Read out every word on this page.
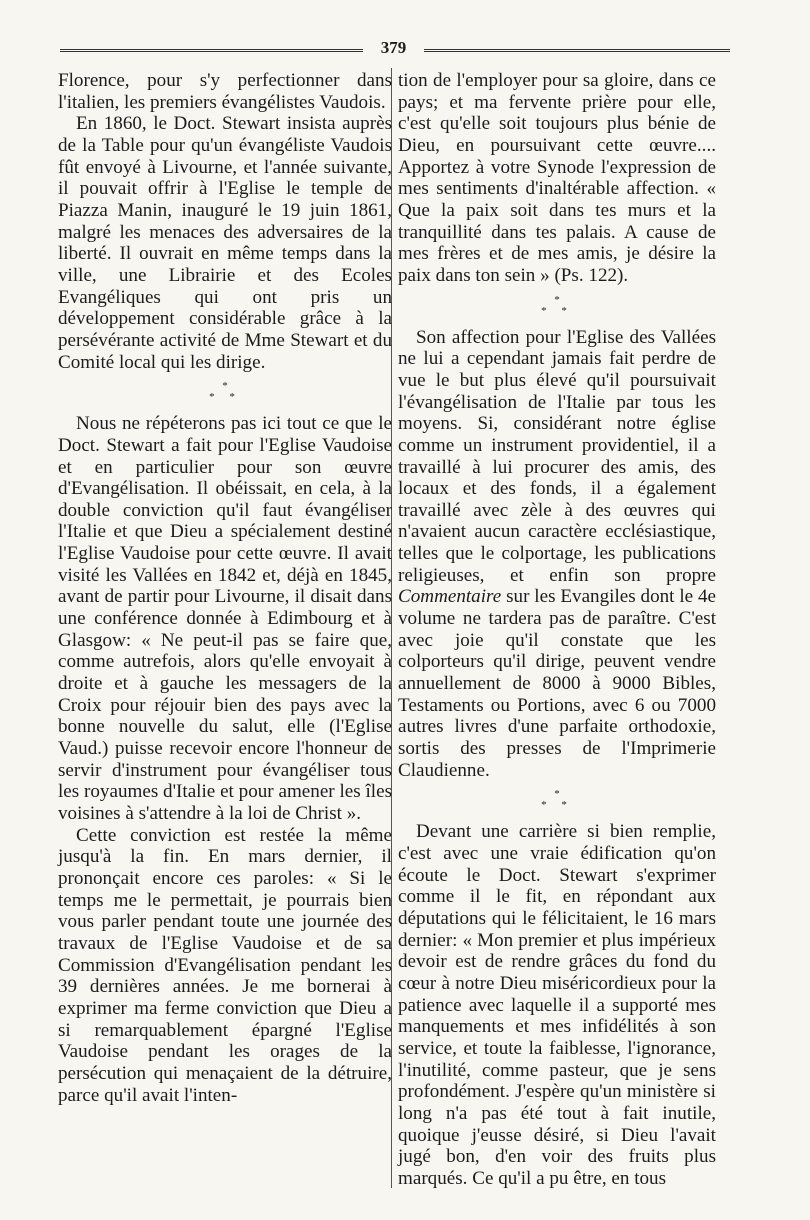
379

Florence, pour s'y perfectionner dans l'italien, les premiers évangélistes Vaudois.

En 1860, le Doct. Stewart insista auprès de la Table pour qu'un évangéliste Vaudois fût envoyé à Livourne, et l'année suivante, il pouvait offrir à l'Eglise le temple de Piazza Manin, inauguré le 19 juin 1861, malgré les menaces des adversaires de la liberté. Il ouvrait en même temps dans la ville, une Librairie et des Ecoles Evangéliques qui ont pris un développement considérable grâce à la persévérante activité de Mme Stewart et du Comité local qui les dirige.

*
* *

Nous ne répéterons pas ici tout ce que le Doct. Stewart a fait pour l'Eglise Vaudoise et en particulier pour son œuvre d'Evangélisation. Il obéissait, en cela, à la double conviction qu'il faut évangéliser l'Italie et que Dieu a spécialement destiné l'Eglise Vaudoise pour cette œuvre. Il avait visité les Vallées en 1842 et, déjà en 1845, avant de partir pour Livourne, il disait dans une conférence donnée à Edimbourg et à Glasgow: « Ne peut-il pas se faire que, comme autrefois, alors qu'elle envoyait à droite et à gauche les messagers de la Croix pour réjouir bien des pays avec la bonne nouvelle du salut, elle (l'Eglise Vaud.) puisse recevoir encore l'honneur de servir d'instrument pour évangéliser tous les royaumes d'Italie et pour amener les îles voisines à s'attendre à la loi de Christ ».

Cette conviction est restée la même jusqu'à la fin. En mars dernier, il prononçait encore ces paroles: « Si le temps me le permettait, je pourrais bien vous parler pendant toute une journée des travaux de l'Eglise Vaudoise et de sa Commission d'Evangélisation pendant les 39 dernières années. Je me bornerai à exprimer ma ferme conviction que Dieu a si remarquablement épargné l'Eglise Vaudoise pendant les orages de la persécution qui menaçaient de la détruire, parce qu'il avait l'inten-

tion de l'employer pour sa gloire, dans ce pays; et ma fervente prière pour elle, c'est qu'elle soit toujours plus bénie de Dieu, en poursuivant cette œuvre.... Apportez à votre Synode l'expression de mes sentiments d'inaltérable affection. « Que la paix soit dans tes murs et la tranquillité dans tes palais. A cause de mes frères et de mes amis, je désire la paix dans ton sein » (Ps. 122).

*
* *

Son affection pour l'Eglise des Vallées ne lui a cependant jamais fait perdre de vue le but plus élevé qu'il poursuivait l'évangélisation de l'Italie par tous les moyens. Si, considérant notre église comme un instrument providentiel, il a travaillé à lui procurer des amis, des locaux et des fonds, il a également travaillé avec zèle à des œuvres qui n'avaient aucun caractère ecclésiastique, telles que le colportage, les publications religieuses, et enfin son propre Commentaire sur les Evangiles dont le 4e volume ne tardera pas de paraître. C'est avec joie qu'il constate que les colporteurs qu'il dirige, peuvent vendre annuellement de 8000 à 9000 Bibles, Testaments ou Portions, avec 6 ou 7000 autres livres d'une parfaite orthodoxie, sortis des presses de l'Imprimerie Claudienne.

*
* *

Devant une carrière si bien remplie, c'est avec une vraie édification qu'on écoute le Doct. Stewart s'exprimer comme il le fit, en répondant aux députations qui le félicitaient, le 16 mars dernier: « Mon premier et plus impérieux devoir est de rendre grâces du fond du cœur à notre Dieu miséricordieux pour la patience avec laquelle il a supporté mes manquements et mes infidélités à son service, et toute la faiblesse, l'ignorance, l'inutilité, comme pasteur, que je sens profondément. J'espère qu'un ministère si long n'a pas été tout à fait inutile, quoique j'eusse désiré, si Dieu l'avait jugé bon, d'en voir des fruits plus marqués. Ce qu'il a pu être, en tous
